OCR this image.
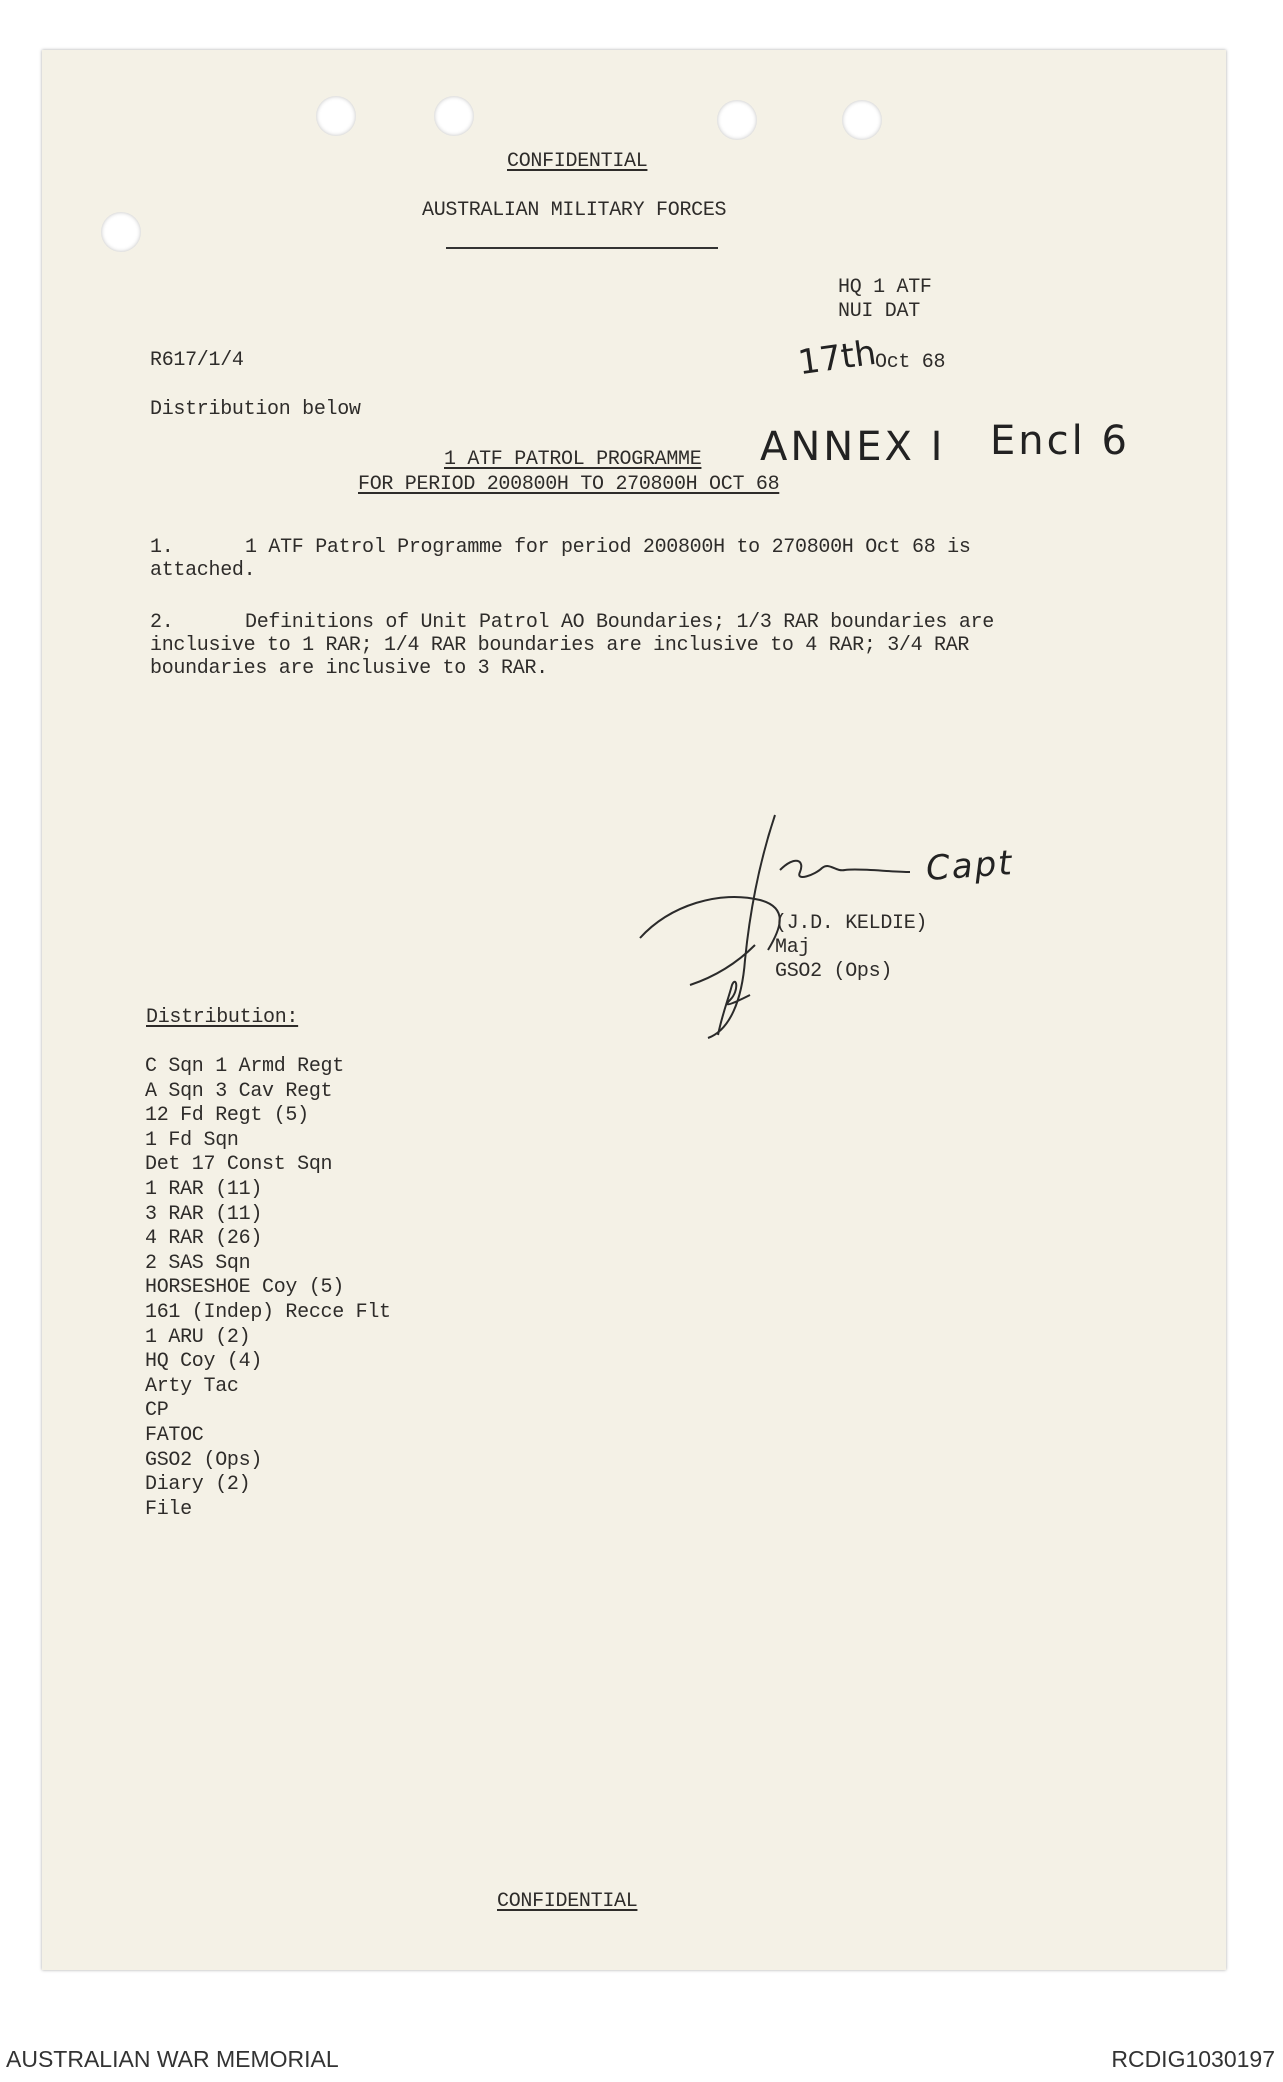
CONFIDENTIAL
AUSTRALIAN MILITARY FORCES
HQ 1 ATF
NUI DAT
R617/1/4	17th
Oct 68
Distribution below
ANNEX I Encl 6
1 ATF PATROL PROGRAMME
FOR PERIOD 200800H TO 270800H OCT 68
1.	1 ATF Patrol Programme for period 200800H to 270800H Oct 68 is attached.
2.	Definitions of Unit Patrol AO Boundaries; 1/3 RAR boundaries are inclusive to 1 RAR; 1/4 RAR boundaries are inclusive to 4 RAR; 3/4 RAR boundaries are inclusive to 3 RAR.
Capt
(J.D. KELDIE)
Maj
GSO2 (Ops)
Distribution:
C Sqn 1 Armd Regt
A Sqn 3 Cav Regt
12 Fd Regt (5)
1 Fd Sqn
Det 17 Const Sqn
1 RAR (11)
3 RAR (11)
4 RAR (26)
2 SAS Sqn
HORSESHOE Coy (5)
161 (Indep) Recce Flt
1 ARU (2)
HQ Coy (4)
Arty Tac
CP
FATOC
GSO2 (Ops)
Diary (2)
File
CONFIDENTIAL
AUSTRALIAN WAR MEMORIAL	RCDIG1030197
